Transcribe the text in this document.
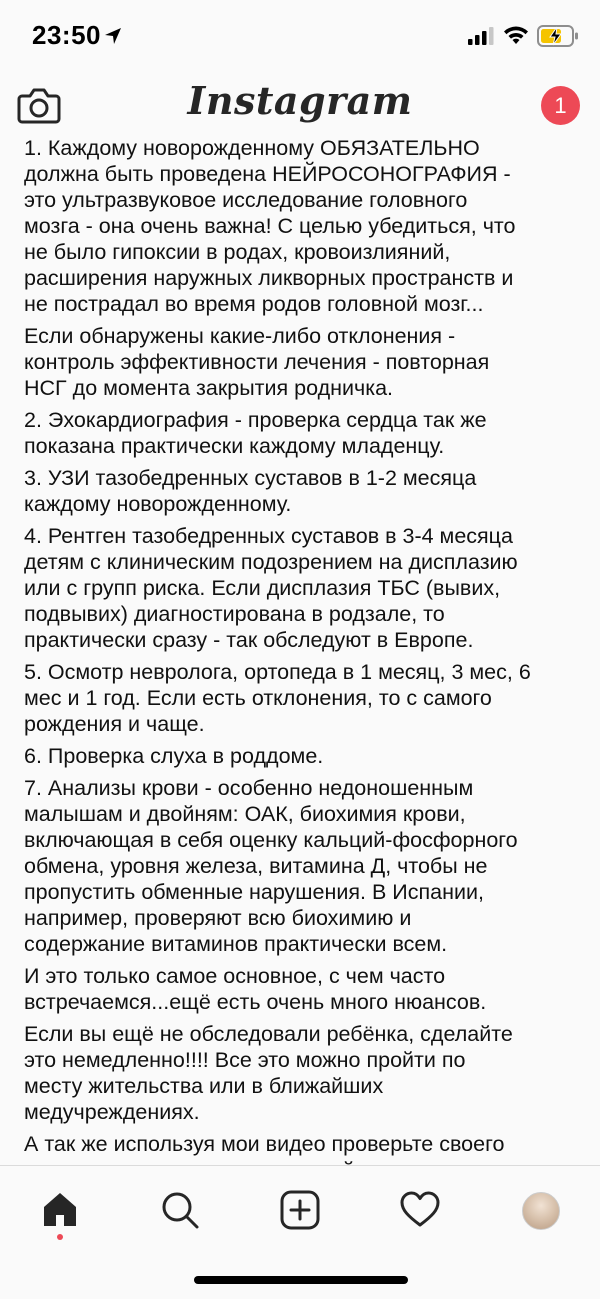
23:50
Instagram	1

1. Каждому новорожденному ОБЯЗАТЕЛЬНО
должна быть проведена НЕЙРОСОНОГРАФИЯ -
это ультразвуковое исследование головного
мозга - она очень важна! С целью убедиться, что
не было гипоксии в родах, кровоизлияний,
расширения наружных ликворных пространств и
не пострадал во время родов головной мозг...

Если обнаружены какие-либо отклонения -
контроль эффективности лечения - повторная
НСГ до момента закрытия родничка.

2. Эхокардиография - проверка сердца так же
показана практически каждому младенцу.

3. УЗИ тазобедренных суставов в 1-2 месяца
каждому новорожденному.

4. Рентген тазобедренных суставов в 3-4 месяца
детям с клиническим подозрением на дисплазию
или с групп риска. Если дисплазия ТБС (вывих,
подвывих) диагностирована в родзале, то
практически сразу - так обследуют в Европе.

5. Осмотр невролога, ортопеда в 1 месяц, 3 мес, 6
мес и 1 год. Если есть отклонения, то с самого
рождения и чаще.

6. Проверка слуха в роддоме.

7. Анализы крови - особенно недоношенным
малышам и двойням: ОАК, биохимия крови,
включающая в себя оценку кальций-фосфорного
обмена, уровня железа, витамина Д, чтобы не
пропустить обменные нарушения. В Испании,
например, проверяют всю биохимию и
содержание витаминов практически всем.

И это только самое основное, с чем часто
встречаемся...ещё есть очень много нюансов.

Если вы ещё не обследовали ребёнка, сделайте
это немедленно!!!! Все это можно пройти по
месту жительства или в ближайших
медучреждениях.

А так же используя мои видео проверьте своего
